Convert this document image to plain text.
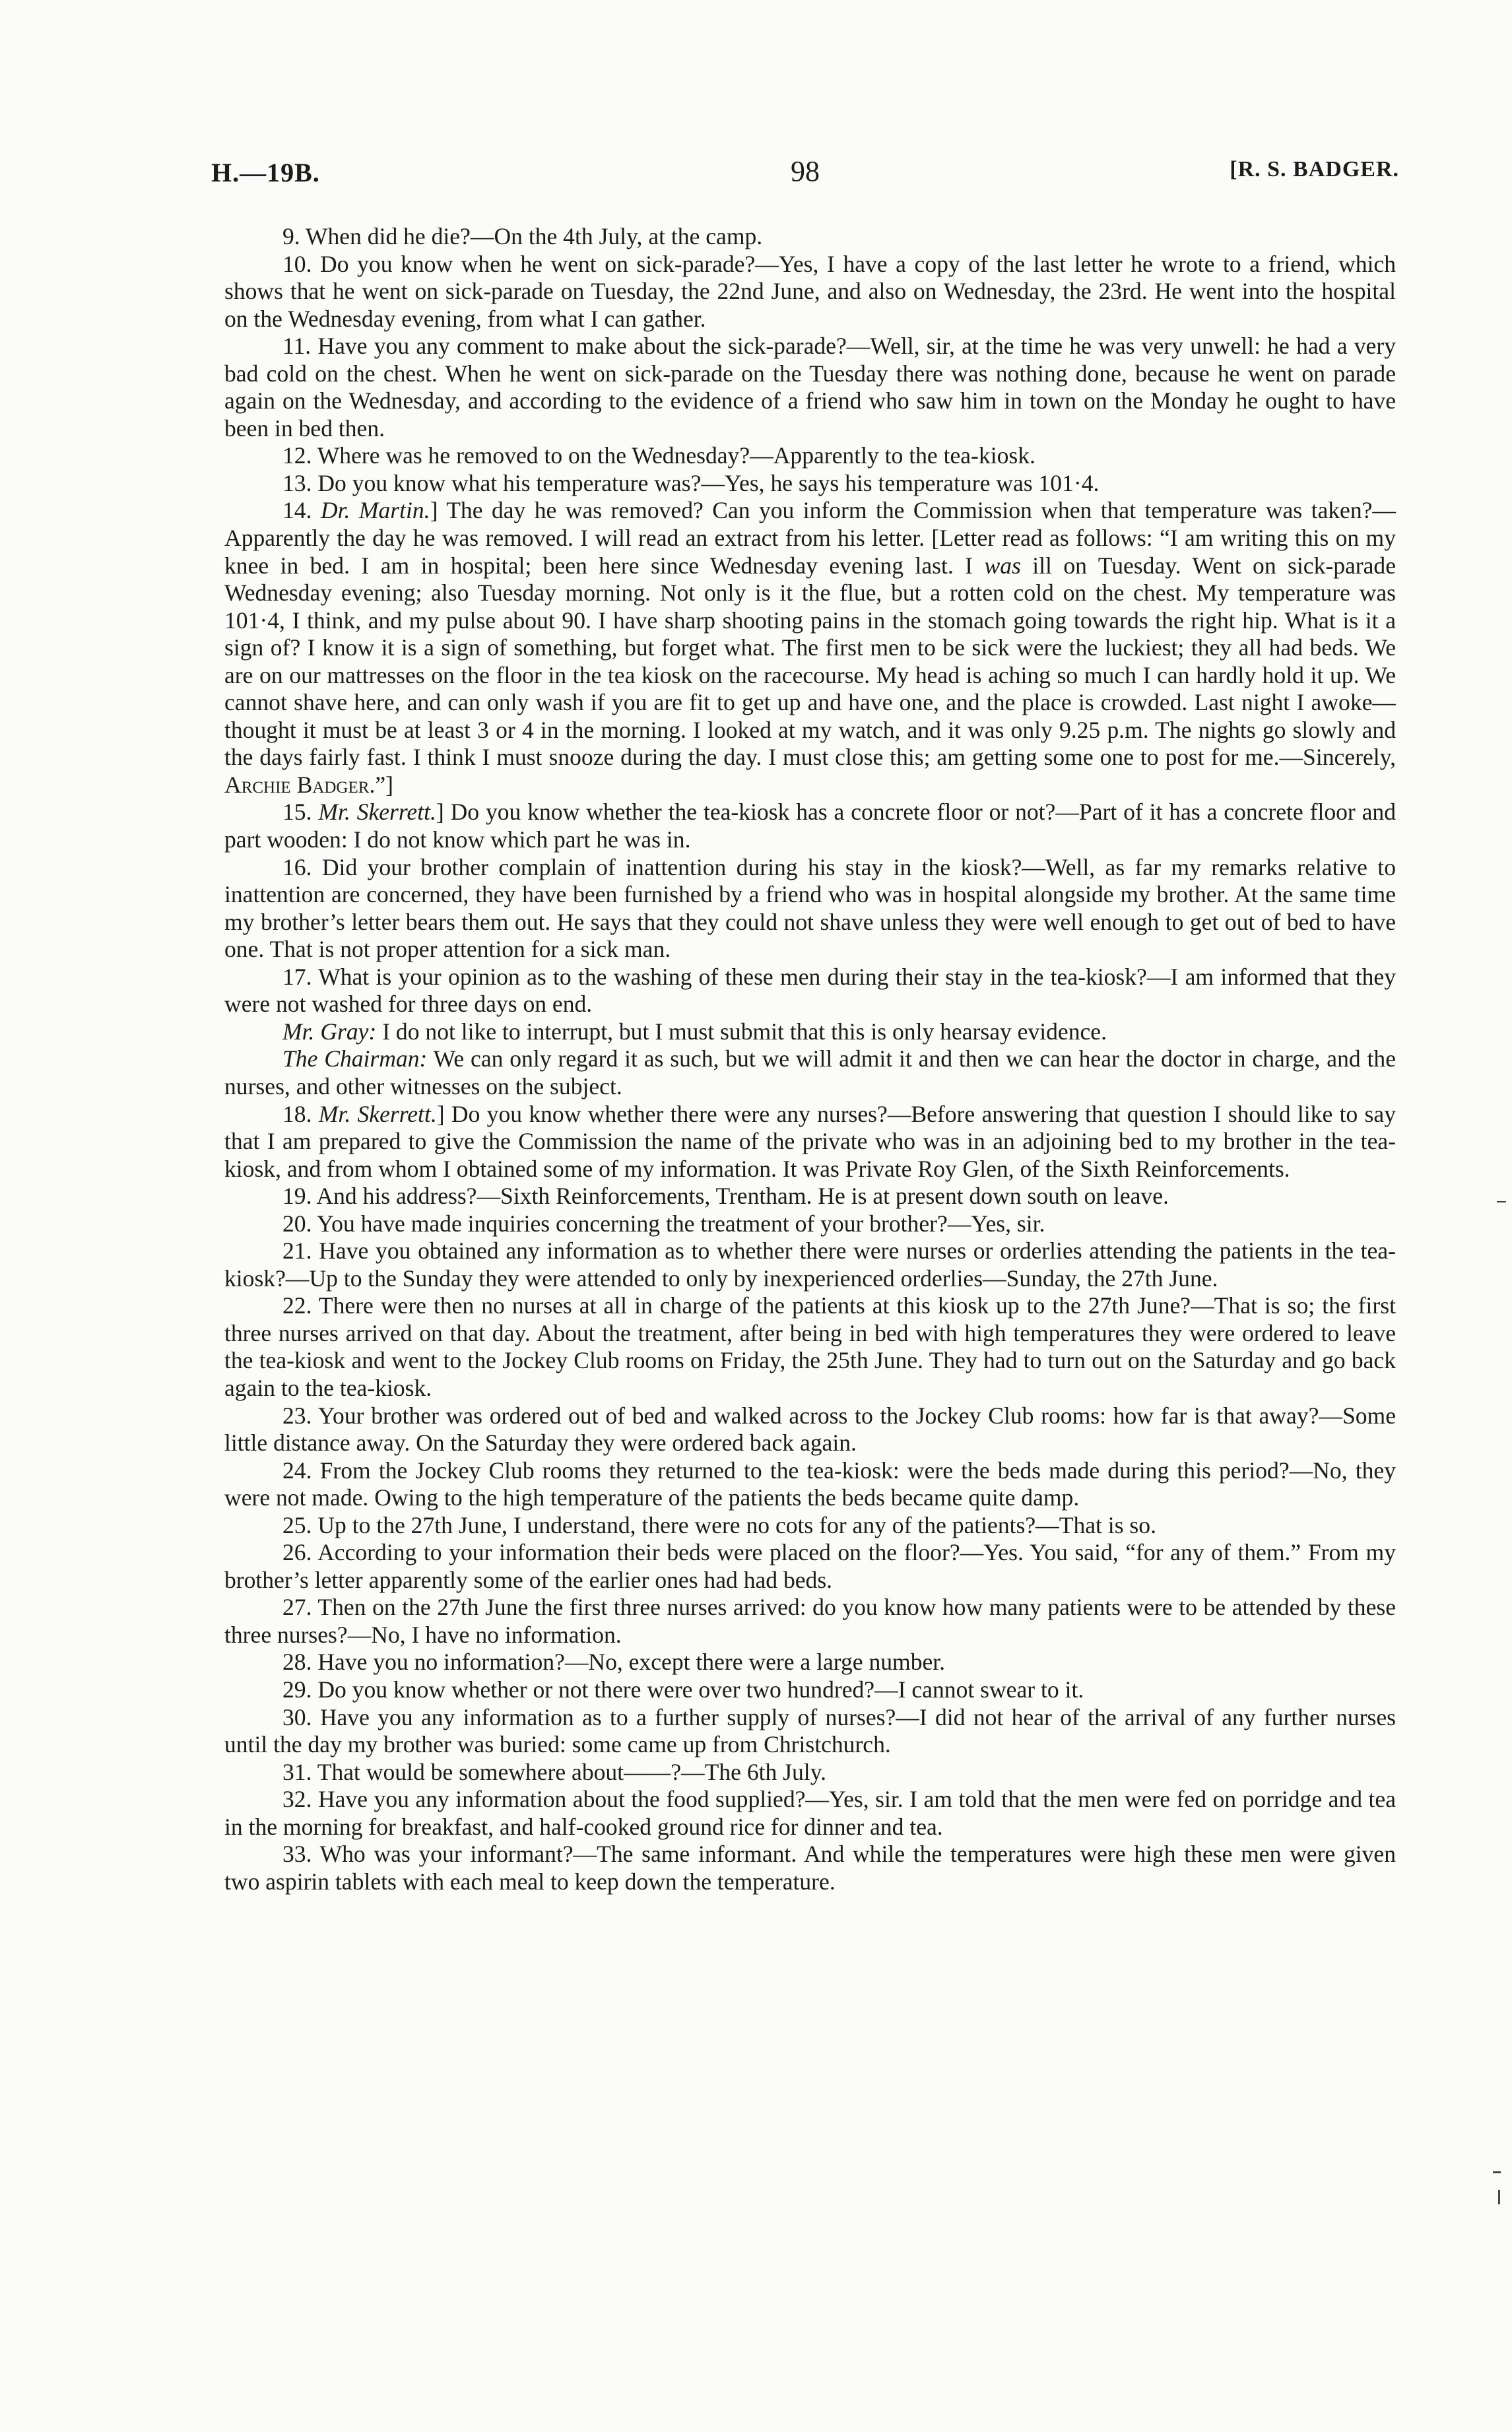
H.—19B.	98	[R. S. BADGER.

9. When did he die?—On the 4th July, at the camp.

10. Do you know when he went on sick-parade?—Yes, I have a copy of the last letter he wrote to a friend, which shows that he went on sick-parade on Tuesday, the 22nd June, and also on Wednesday, the 23rd. He went into the hospital on the Wednesday evening, from what I can gather.

11. Have you any comment to make about the sick-parade?—Well, sir, at the time he was very unwell: he had a very bad cold on the chest. When he went on sick-parade on the Tuesday there was nothing done, because he went on parade again on the Wednesday, and according to the evidence of a friend who saw him in town on the Monday he ought to have been in bed then.

12. Where was he removed to on the Wednesday?—Apparently to the tea-kiosk.

13. Do you know what his temperature was?—Yes, he says his temperature was 101·4.

14. Dr. Martin.] The day he was removed? Can you inform the Commission when that temperature was taken?—Apparently the day he was removed. I will read an extract from his letter. [Letter read as follows: “I am writing this on my knee in bed. I am in hospital; been here since Wednesday evening last. I was ill on Tuesday. Went on sick-parade Wednesday evening; also Tuesday morning. Not only is it the flue, but a rotten cold on the chest. My temperature was 101·4, I think, and my pulse about 90. I have sharp shooting pains in the stomach going towards the right hip. What is it a sign of? I know it is a sign of something, but forget what. The first men to be sick were the luckiest; they all had beds. We are on our mattresses on the floor in the tea kiosk on the racecourse. My head is aching so much I can hardly hold it up. We cannot shave here, and can only wash if you are fit to get up and have one, and the place is crowded. Last night I awoke—thought it must be at least 3 or 4 in the morning. I looked at my watch, and it was only 9.25 p.m. The nights go slowly and the days fairly fast. I think I must snooze during the day. I must close this; am getting some one to post for me.—Sincerely, Archie Badger.”]

15. Mr. Skerrett.] Do you know whether the tea-kiosk has a concrete floor or not?—Part of it has a concrete floor and part wooden: I do not know which part he was in.

16. Did your brother complain of inattention during his stay in the kiosk?—Well, as far my remarks relative to inattention are concerned, they have been furnished by a friend who was in hospital alongside my brother. At the same time my brother’s letter bears them out. He says that they could not shave unless they were well enough to get out of bed to have one. That is not proper attention for a sick man.

17. What is your opinion as to the washing of these men during their stay in the tea-kiosk?—I am informed that they were not washed for three days on end.

Mr. Gray: I do not like to interrupt, but I must submit that this is only hearsay evidence.

The Chairman: We can only regard it as such, but we will admit it and then we can hear the doctor in charge, and the nurses, and other witnesses on the subject.

18. Mr. Skerrett.] Do you know whether there were any nurses?—Before answering that question I should like to say that I am prepared to give the Commission the name of the private who was in an adjoining bed to my brother in the tea-kiosk, and from whom I obtained some of my information. It was Private Roy Glen, of the Sixth Reinforcements.

19. And his address?—Sixth Reinforcements, Trentham. He is at present down south on leave.

20. You have made inquiries concerning the treatment of your brother?—Yes, sir.

21. Have you obtained any information as to whether there were nurses or orderlies attending the patients in the tea-kiosk?—Up to the Sunday they were attended to only by inexperienced orderlies—Sunday, the 27th June.

22. There were then no nurses at all in charge of the patients at this kiosk up to the 27th June?—That is so; the first three nurses arrived on that day. About the treatment, after being in bed with high temperatures they were ordered to leave the tea-kiosk and went to the Jockey Club rooms on Friday, the 25th June. They had to turn out on the Saturday and go back again to the tea-kiosk.

23. Your brother was ordered out of bed and walked across to the Jockey Club rooms: how far is that away?—Some little distance away. On the Saturday they were ordered back again.

24. From the Jockey Club rooms they returned to the tea-kiosk: were the beds made during this period?—No, they were not made. Owing to the high temperature of the patients the beds became quite damp.

25. Up to the 27th June, I understand, there were no cots for any of the patients?—That is so.

26. According to your information their beds were placed on the floor?—Yes. You said, “for any of them.” From my brother’s letter apparently some of the earlier ones had had beds.

27. Then on the 27th June the first three nurses arrived: do you know how many patients were to be attended by these three nurses?—No, I have no information.

28. Have you no information?—No, except there were a large number.

29. Do you know whether or not there were over two hundred?—I cannot swear to it.

30. Have you any information as to a further supply of nurses?—I did not hear of the arrival of any further nurses until the day my brother was buried: some came up from Christchurch.

31. That would be somewhere about——?—The 6th July.

32. Have you any information about the food supplied?—Yes, sir. I am told that the men were fed on porridge and tea in the morning for breakfast, and half-cooked ground rice for dinner and tea.

33. Who was your informant?—The same informant. And while the temperatures were high these men were given two aspirin tablets with each meal to keep down the temperature.
